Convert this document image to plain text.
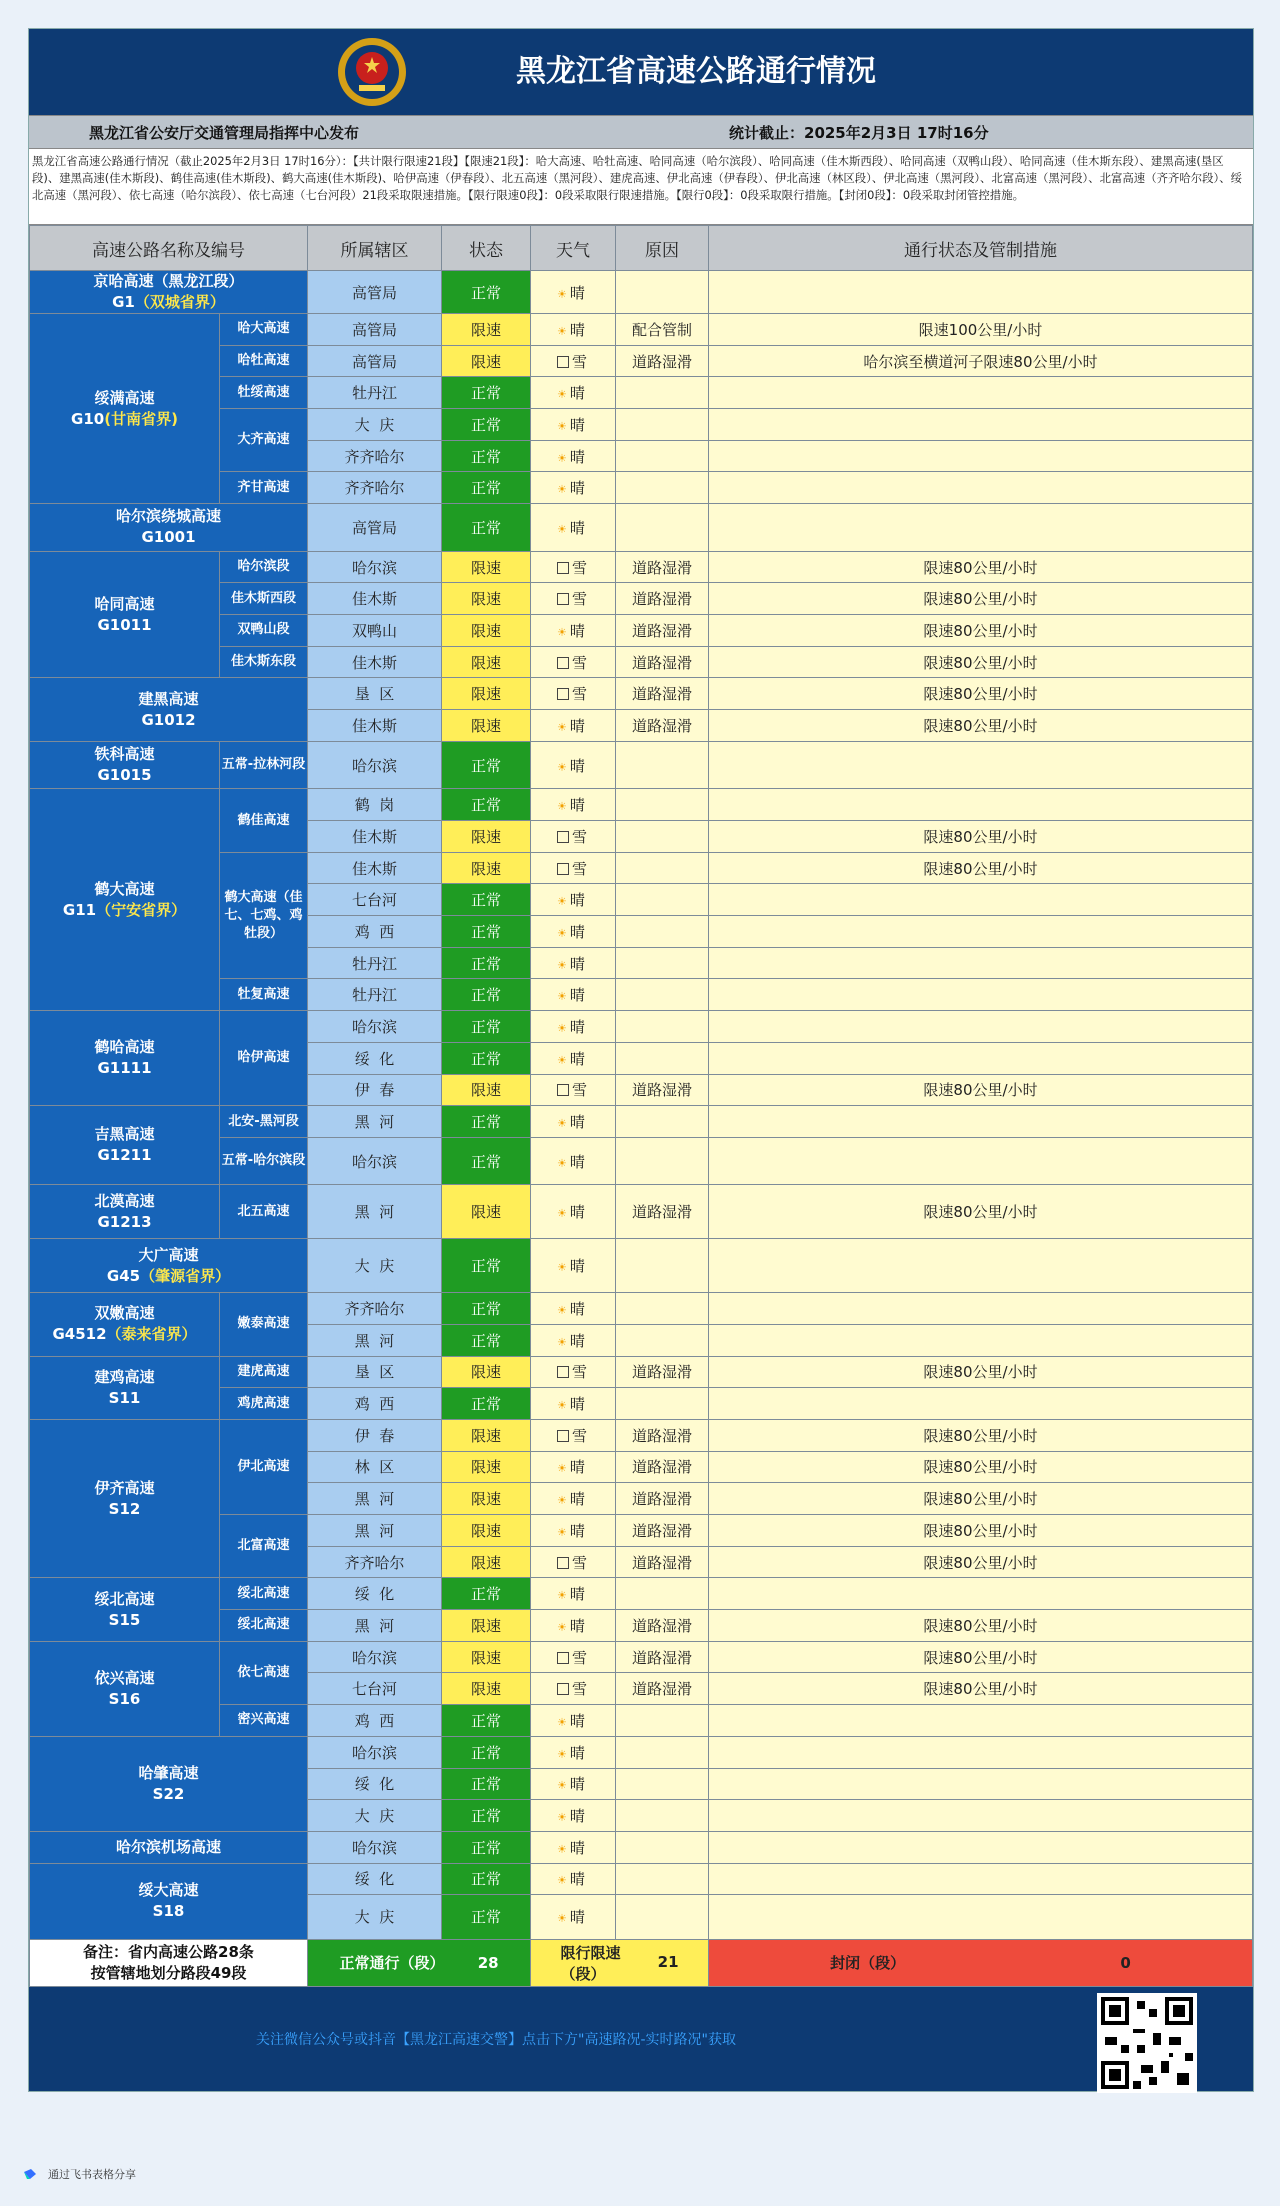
黑龙江省高速公路通行情况
黑龙江省公安厅交通管理局指挥中心发布	统计截止：2025年2月3日 17时16分
黑龙江省高速公路通行情况（截止2025年2月3日 17时16分）：【共计限行限速21段】【限速21段】：哈大高速、哈牡高速、哈同高速（哈尔滨段）、哈同高速（佳木斯西段）、哈同高速（双鸭山段）、哈同高速（佳木斯东段）、建黑高速(垦区段)、建黑高速(佳木斯段)、鹤佳高速(佳木斯段)、鹤大高速(佳木斯段)、哈伊高速（伊春段）、北五高速（黑河段）、建虎高速、伊北高速（伊春段）、伊北高速（林区段）、伊北高速（黑河段）、北富高速（黑河段）、北富高速（齐齐哈尔段）、绥北高速（黑河段）、依七高速（哈尔滨段）、依七高速（七台河段）21段采取限速措施。【限行限速0段】：0段采取限行限速措施。【限行0段】：0段采取限行措施。【封闭0段】：0段采取封闭管控措施。
高速公路名称及编号		所属辖区	状态	天气	原因	通行状态及管制措施
京哈高速（黑龙江段）
G1（双城省界）		高管局	正常	☀ 晴		
绥满高速
G10(甘南省界)	哈大高速	高管局	限速	☀ 晴	配合管制	限速100公里/小时
	哈牡高速	高管局	限速	雪	道路湿滑	哈尔滨至横道河子限速80公里/小时
	牡绥高速	牡丹江	正常	☀ 晴		
	大齐高速	大  庆	正常	☀ 晴		
		齐齐哈尔	正常	☀ 晴		
	齐甘高速	齐齐哈尔	正常	☀ 晴		
哈尔滨绕城高速
G1001		高管局	正常	☀ 晴		
哈同高速
G1011	哈尔滨段	哈尔滨	限速	雪	道路湿滑	限速80公里/小时
	佳木斯西段	佳木斯	限速	雪	道路湿滑	限速80公里/小时
	双鸭山段	双鸭山	限速	☀ 晴	道路湿滑	限速80公里/小时
	佳木斯东段	佳木斯	限速	雪	道路湿滑	限速80公里/小时
建黑高速
G1012		垦  区	限速	雪	道路湿滑	限速80公里/小时
		佳木斯	限速	☀ 晴	道路湿滑	限速80公里/小时
铁科高速
G1015	五常-拉林河段	哈尔滨	正常	☀ 晴		
鹤大高速
G11（宁安省界）	鹤佳高速	鹤  岗	正常	☀ 晴		
		佳木斯	限速	雪		限速80公里/小时
	鹤大高速（佳七、七鸡、鸡牡段）	佳木斯	限速	雪		限速80公里/小时
		七台河	正常	☀ 晴		
		鸡  西	正常	☀ 晴		
		牡丹江	正常	☀ 晴		
	牡复高速	牡丹江	正常	☀ 晴		
鹤哈高速
G1111	哈伊高速	哈尔滨	正常	☀ 晴		
		绥  化	正常	☀ 晴		
		伊  春	限速	雪	道路湿滑	限速80公里/小时
吉黑高速
G1211	北安-黑河段	黑  河	正常	☀ 晴		
	五常-哈尔滨段	哈尔滨	正常	☀ 晴		
北漠高速
G1213	北五高速	黑  河	限速	☀ 晴	道路湿滑	限速80公里/小时
大广高速
G45（肇源省界）		大  庆	正常	☀ 晴		
双嫩高速
G4512（泰来省界）	嫩泰高速	齐齐哈尔	正常	☀ 晴		
		黑  河	正常	☀ 晴		
建鸡高速
S11	建虎高速	垦  区	限速	雪	道路湿滑	限速80公里/小时
	鸡虎高速	鸡  西	正常	☀ 晴		
伊齐高速
S12	伊北高速	伊  春	限速	雪	道路湿滑	限速80公里/小时
		林  区	限速	☀ 晴	道路湿滑	限速80公里/小时
		黑  河	限速	☀ 晴	道路湿滑	限速80公里/小时
	北富高速	黑  河	限速	☀ 晴	道路湿滑	限速80公里/小时
		齐齐哈尔	限速	雪	道路湿滑	限速80公里/小时
绥北高速
S15	绥北高速	绥  化	正常	☀ 晴		
	绥北高速	黑  河	限速	☀ 晴	道路湿滑	限速80公里/小时
依兴高速
S16	依七高速	哈尔滨	限速	雪	道路湿滑	限速80公里/小时
		七台河	限速	雪	道路湿滑	限速80公里/小时
	密兴高速	鸡  西	正常	☀ 晴		
哈肇高速
S22		哈尔滨	正常	☀ 晴		
		绥  化	正常	☀ 晴		
		大  庆	正常	☀ 晴		
哈尔滨机场高速		哈尔滨	正常	☀ 晴		
绥大高速
S18		绥  化	正常	☀ 晴		
		大  庆	正常	☀ 晴		
备注：省内高速公路28条
按管辖地划分路段49段		正常通行（段） 28		限行限速（段） 21		封闭（段） 0
关注微信公众号或抖音【黑龙江高速交警】点击下方"高速路况-实时路况"获取
通过飞书表格分享
